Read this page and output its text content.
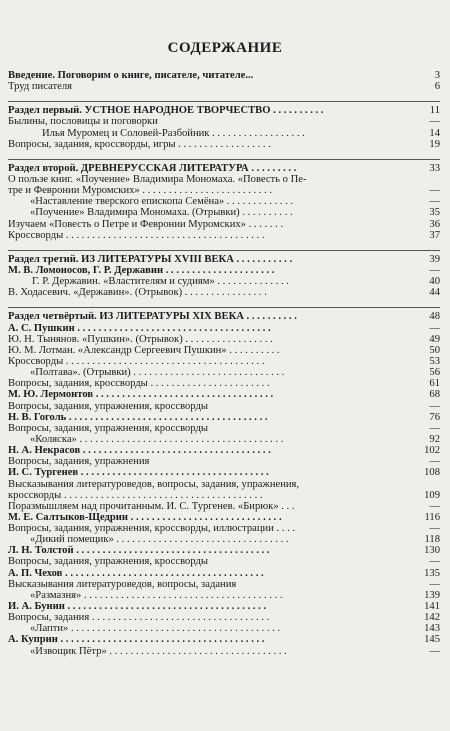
СОДЕРЖАНИЕ
Введение. Поговорим о книге, писателе, читателе...	3
Труд писателя	6
Раздел первый. УСТНОЕ НАРОДНОЕ ТВОРЧЕСТВО . . . . . . . . . .	11
Былины, пословицы и поговорки	—
Илья Муромец и Соловей-Разбойник . . . . . . . . . . . . . . . . . .	14
Вопросы, задания, кроссворды, игры . . . . . . . . . . . . . . . . . .	19
Раздел второй. ДРЕВНЕРУССКАЯ ЛИТЕРАТУРА . . . . . . . . .	33
О пользе книг. «Поучение» Владимира Мономаха. «Повесть о Пе-
тре и Февронии Муромских» . . . . . . . . . . . . . . . . . . . . . . . . .	—
«Наставление тверского епископа Семёна» . . . . . . . . . . . . .	—
«Поучение» Владимира Мономаха. (Отрывки) . . . . . . . . . .	35
Изучаем «Повесть о Петре и Февронии Муромских» . . . . . . .	36
Кроссворды . . . . . . . . . . . . . . . . . . . . . . . . . . . . . . . . . . . . . .	37
Раздел третий. ИЗ ЛИТЕРАТУРЫ XVIII ВЕКА . . . . . . . . . . .	39
М. В. Ломоносов, Г. Р. Державин . . . . . . . . . . . . . . . . . . . . .	—
Г. Р. Державин. «Властителям и судиям» . . . . . . . . . . . . . .	40
В. Ходасевич. «Державин». (Отрывок) . . . . . . . . . . . . . . . .	44
Раздел четвёртый. ИЗ ЛИТЕРАТУРЫ XIX ВЕКА . . . . . . . . . .	48
А. С. Пушкин . . . . . . . . . . . . . . . . . . . . . . . . . . . . . . . . . . . . .	—
Ю. Н. Тынянов. «Пушкин». (Отрывок) . . . . . . . . . . . . . . . . .	49
Ю. М. Лотман. «Александр Сергеевич Пушкин» . . . . . . . . . .	50
Кроссворды . . . . . . . . . . . . . . . . . . . . . . . . . . . . . . . . . . . . . .	53
«Полтава». (Отрывки) . . . . . . . . . . . . . . . . . . . . . . . . . . . . .	56
Вопросы, задания, кроссворды . . . . . . . . . . . . . . . . . . . . . . .	61
М. Ю. Лермонтов . . . . . . . . . . . . . . . . . . . . . . . . . . . . . . . . . .	68
Вопросы, задания, упражнения, кроссворды	—
Н. В. Гоголь . . . . . . . . . . . . . . . . . . . . . . . . . . . . . . . . . . . . . .	76
Вопросы, задания, упражнения, кроссворды	—
«Коляска» . . . . . . . . . . . . . . . . . . . . . . . . . . . . . . . . . . . . . . .	92
Н. А. Некрасов . . . . . . . . . . . . . . . . . . . . . . . . . . . . . . . . . . . .	102
Вопросы, задания, упражнения	—
И. С. Тургенев . . . . . . . . . . . . . . . . . . . . . . . . . . . . . . . . . . . .	108
Высказывания литературоведов, вопросы, задания, упражнения,
кроссворды . . . . . . . . . . . . . . . . . . . . . . . . . . . . . . . . . . . . . .	109
Поразмышляем над прочитанным. И. С. Тургенев. «Бирюк» . . .	—
М. Е. Салтыков-Щедрин . . . . . . . . . . . . . . . . . . . . . . . . . . . . .	116
Вопросы, задания, упражнения, кроссворды, иллюстрации . . . .	—
«Дикий помещик» . . . . . . . . . . . . . . . . . . . . . . . . . . . . . . . . .	118
Л. Н. Толстой . . . . . . . . . . . . . . . . . . . . . . . . . . . . . . . . . . . . .	130
Вопросы, задания, упражнения, кроссворды	—
А. П. Чехов . . . . . . . . . . . . . . . . . . . . . . . . . . . . . . . . . . . . . .	135
Высказывания литературоведов, вопросы, задания	—
«Размазня» . . . . . . . . . . . . . . . . . . . . . . . . . . . . . . . . . . . . . .	139
И. А. Бунин . . . . . . . . . . . . . . . . . . . . . . . . . . . . . . . . . . . . . .	141
Вопросы, задания . . . . . . . . . . . . . . . . . . . . . . . . . . . . . . . . . .	142
«Лапти» . . . . . . . . . . . . . . . . . . . . . . . . . . . . . . . . . . . . . . . .	143
А. Куприн . . . . . . . . . . . . . . . . . . . . . . . . . . . . . . . . . . . . . . .	145
«Извощик Пётр» . . . . . . . . . . . . . . . . . . . . . . . . . . . . . . . . . .	—
